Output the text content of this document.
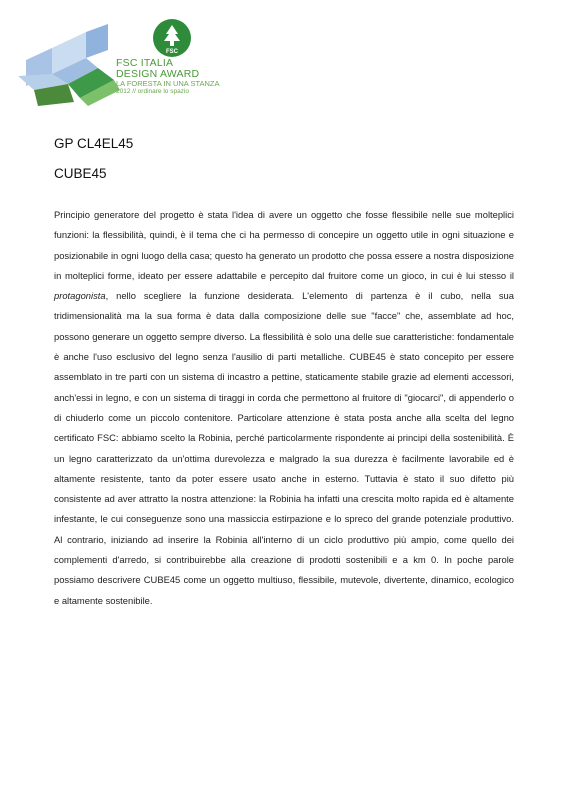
FSC
FSC ITALIA
DESIGN AWARD
LA FORESTA IN UNA STANZA
2012 // ordinare lo spazio
GP CL4EL45
CUBE45
Principio generatore del progetto è stata l'idea di avere un oggetto che fosse flessibile nelle sue molteplici funzioni: la flessibilità, quindi, è il tema che ci ha permesso di concepire un oggetto utile in ogni situazione e posizionabile in ogni luogo della casa; questo ha generato un prodotto che possa essere a nostra disposizione in molteplici forme, ideato per essere adattabile e percepito dal fruitore come un gioco, in cui è lui stesso il protagonista, nello scegliere la funzione desiderata. L'elemento di partenza è il cubo, nella sua tridimensionalità ma la sua forma è data dalla composizione delle sue "facce" che, assemblate ad hoc, possono generare un oggetto sempre diverso. La flessibilità è solo una delle sue caratteristiche: fondamentale è anche l'uso esclusivo del legno senza l'ausilio di parti metalliche. CUBE45 è stato concepito per essere assemblato in tre parti con un sistema di incastro a pettine, staticamente stabile grazie ad elementi accessori, anch'essi in legno, e con un sistema di tiraggi in corda che permettono al fruitore di "giocarci", di appenderlo o di chiuderlo come un piccolo contenitore. Particolare attenzione è stata posta anche alla scelta del legno certificato FSC: abbiamo scelto la Robinia, perché particolarmente rispondente ai principi della sostenibilità. È un legno caratterizzato da un'ottima durevolezza e malgrado la sua durezza è facilmente lavorabile ed è altamente resistente, tanto da poter essere usato anche in esterno. Tuttavia è stato il suo difetto più consistente ad aver attratto la nostra attenzione: la Robinia ha infatti una crescita molto rapida ed è altamente infestante, le cui conseguenze sono una massiccia estirpazione e lo spreco del grande potenziale produttivo. Al contrario, iniziando ad inserire la Robinia all'interno di un ciclo produttivo più ampio, come quello dei complementi d'arredo, si contribuirebbe alla creazione di prodotti sostenibili e a km 0. In poche parole possiamo descrivere CUBE45 come un oggetto multiuso, flessibile, mutevole, divertente, dinamico, ecologico e altamente sostenibile.
